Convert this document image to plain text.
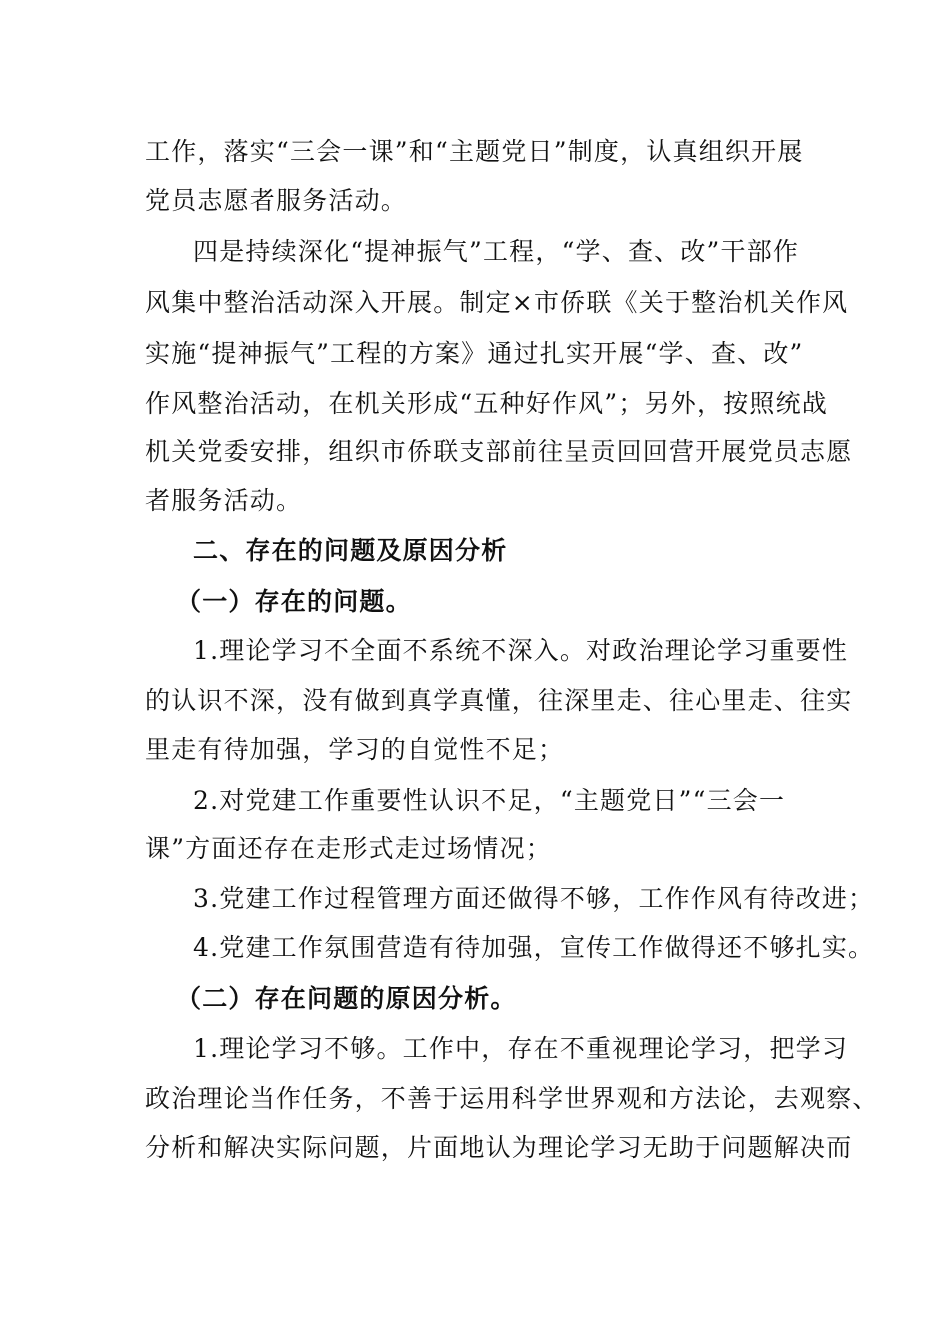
工作，落实“三会一课”和“主题党日”制度，认真组织开展
党员志愿者服务活动。
四是持续深化“提神振气”工程，“学、查、改”干部作
风集中整治活动深入开展。制定×市侨联《关于整治机关作风
实施“提神振气”工程的方案》通过扎实开展“学、查、改”
作风整治活动，在机关形成“五种好作风”；另外，按照统战
机关党委安排，组织市侨联支部前往呈贡回回营开展党员志愿
者服务活动。
二、存在的问题及原因分析
（一）存在的问题。
1.理论学习不全面不系统不深入。对政治理论学习重要性
的认识不深，没有做到真学真懂，往深里走、往心里走、往实
里走有待加强，学习的自觉性不足；
2.对党建工作重要性认识不足，“主题党日”“三会一
课”方面还存在走形式走过场情况；
3.党建工作过程管理方面还做得不够，工作作风有待改进；
4.党建工作氛围营造有待加强，宣传工作做得还不够扎实。
（二）存在问题的原因分析。
1.理论学习不够。工作中，存在不重视理论学习，把学习
政治理论当作任务，不善于运用科学世界观和方法论，去观察、
分析和解决实际问题，片面地认为理论学习无助于问题解决而
